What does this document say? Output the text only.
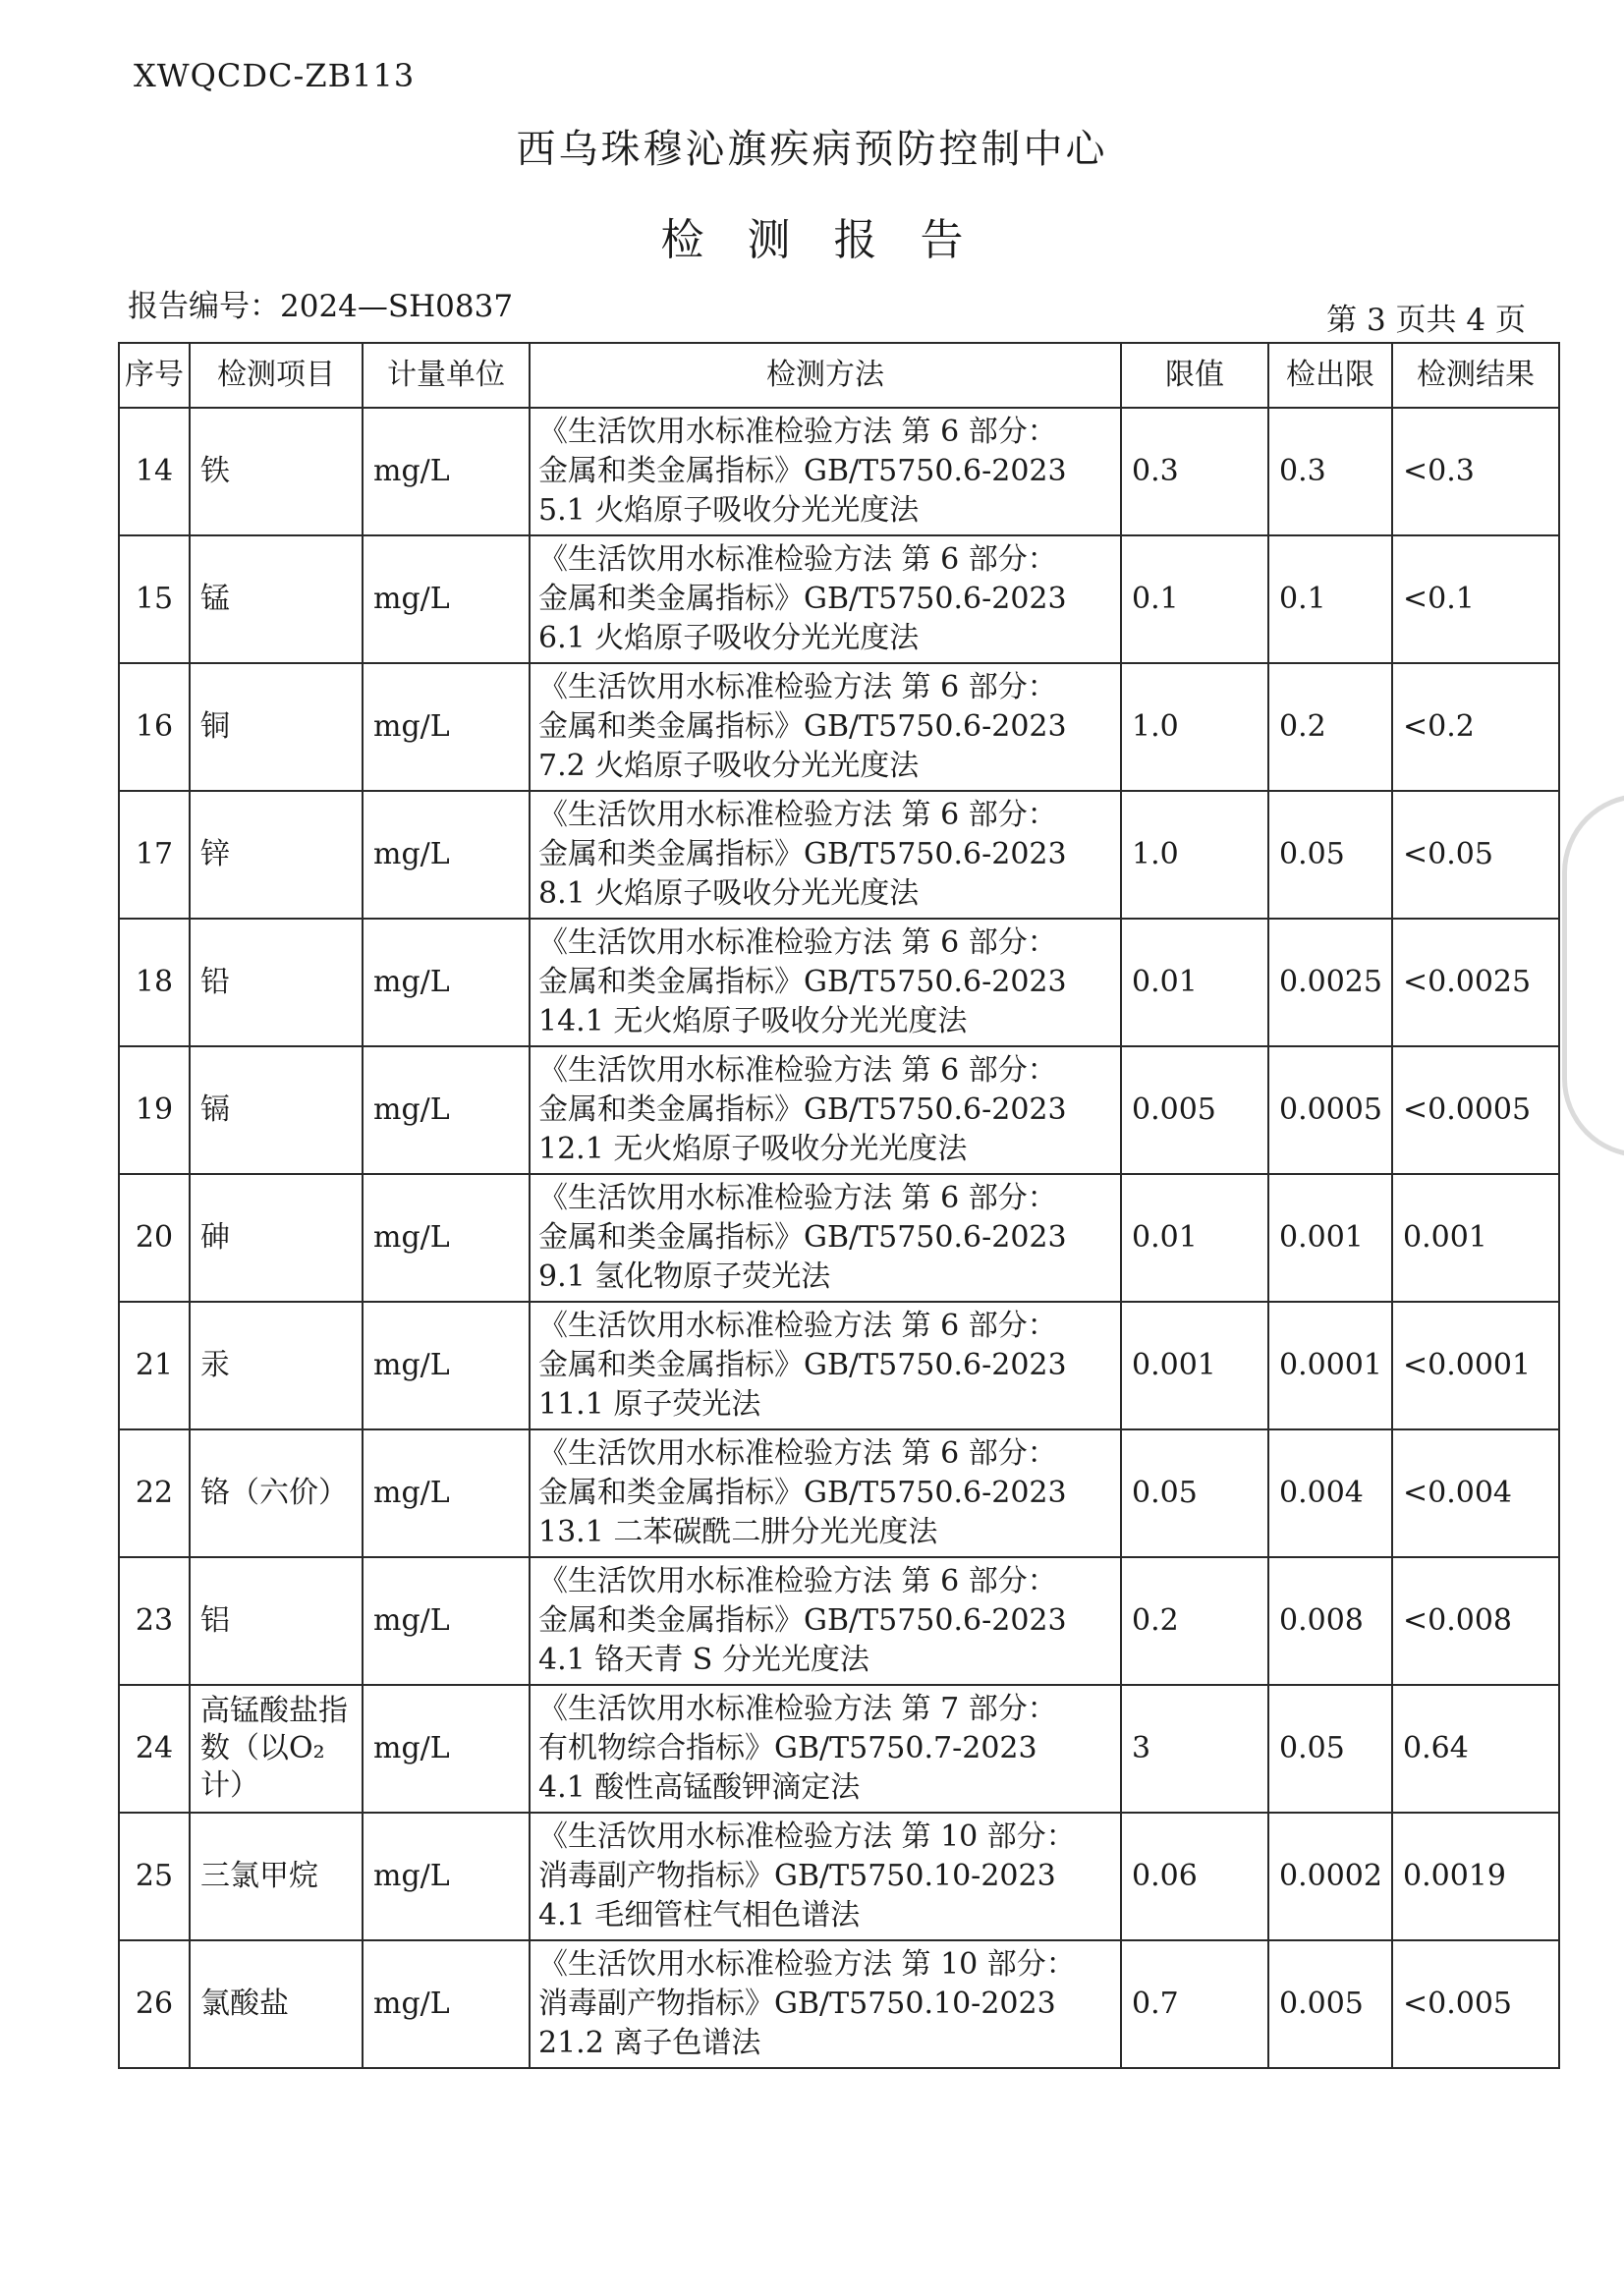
XWQCDC-ZB113
西乌珠穆沁旗疾病预防控制中心
检测报告
报告编号：2024—SH0837	第 3 页共 4 页
序号	检测项目	计量单位	检测方法	限值	检出限	检测结果
14	铁	mg/L	《生活饮用水标准检验方法 第 6 部分：
金属和类金属指标》GB/T5750.6-2023
5.1 火焰原子吸收分光光度法	0.3	0.3	<0.3
15	锰	mg/L	《生活饮用水标准检验方法 第 6 部分：
金属和类金属指标》GB/T5750.6-2023
6.1 火焰原子吸收分光光度法	0.1	0.1	<0.1
16	铜	mg/L	《生活饮用水标准检验方法 第 6 部分：
金属和类金属指标》GB/T5750.6-2023
7.2 火焰原子吸收分光光度法	1.0	0.2	<0.2
17	锌	mg/L	《生活饮用水标准检验方法 第 6 部分：
金属和类金属指标》GB/T5750.6-2023
8.1 火焰原子吸收分光光度法	1.0	0.05	<0.05
18	铅	mg/L	《生活饮用水标准检验方法 第 6 部分：
金属和类金属指标》GB/T5750.6-2023
14.1 无火焰原子吸收分光光度法	0.01	0.0025	<0.0025
19	镉	mg/L	《生活饮用水标准检验方法 第 6 部分：
金属和类金属指标》GB/T5750.6-2023
12.1 无火焰原子吸收分光光度法	0.005	0.0005	<0.0005
20	砷	mg/L	《生活饮用水标准检验方法 第 6 部分：
金属和类金属指标》GB/T5750.6-2023
9.1 氢化物原子荧光法	0.01	0.001	0.001
21	汞	mg/L	《生活饮用水标准检验方法 第 6 部分：
金属和类金属指标》GB/T5750.6-2023
11.1 原子荧光法	0.001	0.0001	<0.0001
22	铬（六价）	mg/L	《生活饮用水标准检验方法 第 6 部分：
金属和类金属指标》GB/T5750.6-2023
13.1 二苯碳酰二肼分光光度法	0.05	0.004	<0.004
23	铝	mg/L	《生活饮用水标准检验方法 第 6 部分：
金属和类金属指标》GB/T5750.6-2023
4.1 铬天青 S 分光光度法	0.2	0.008	<0.008
24	高锰酸盐指数（以O₂计）	mg/L	《生活饮用水标准检验方法 第 7 部分：
有机物综合指标》GB/T5750.7-2023
4.1 酸性高锰酸钾滴定法	3	0.05	0.64
25	三氯甲烷	mg/L	《生活饮用水标准检验方法 第 10 部分：
消毒副产物指标》GB/T5750.10-2023
4.1 毛细管柱气相色谱法	0.06	0.0002	0.0019
26	氯酸盐	mg/L	《生活饮用水标准检验方法 第 10 部分：
消毒副产物指标》GB/T5750.10-2023
21.2 离子色谱法	0.7	0.005	<0.005
